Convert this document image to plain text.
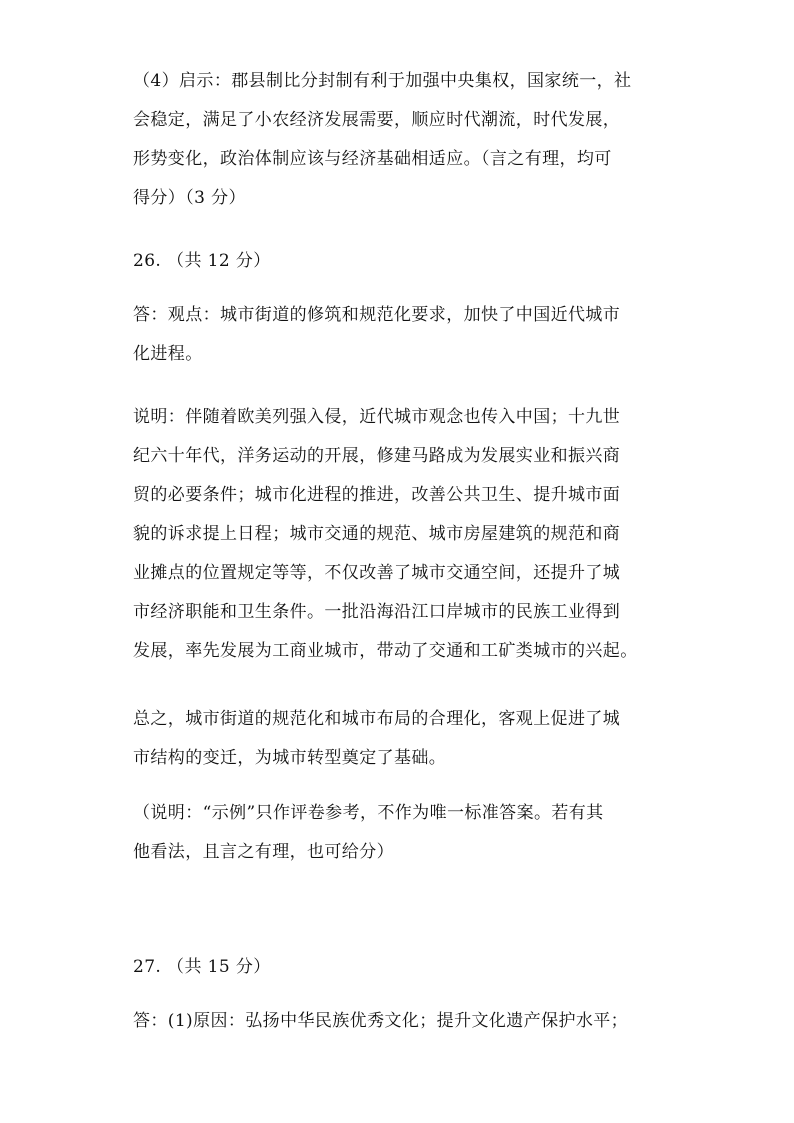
（4）启示：郡县制比分封制有利于加强中央集权，国家统一，社
会稳定，满足了小农经济发展需要，顺应时代潮流，时代发展，
形势变化，政治体制应该与经济基础相适应。（言之有理，均可
得分）（3 分）

26. （共 12 分）

答：观点：城市街道的修筑和规范化要求，加快了中国近代城市
化进程。

说明：伴随着欧美列强入侵，近代城市观念也传入中国；十九世
纪六十年代，洋务运动的开展，修建马路成为发展实业和振兴商
贸的必要条件；城市化进程的推进，改善公共卫生、提升城市面
貌的诉求提上日程；城市交通的规范、城市房屋建筑的规范和商
业摊点的位置规定等等，不仅改善了城市交通空间，还提升了城
市经济职能和卫生条件。一批沿海沿江口岸城市的民族工业得到
发展，率先发展为工商业城市，带动了交通和工矿类城市的兴起。

总之，城市街道的规范化和城市布局的合理化，客观上促进了城
市结构的变迁，为城市转型奠定了基础。

（说明：“示例”只作评卷参考，不作为唯一标准答案。若有其
他看法，且言之有理，也可给分）

27. （共 15 分）

答：(1)原因：弘扬中华民族优秀文化；提升文化遗产保护水平；
